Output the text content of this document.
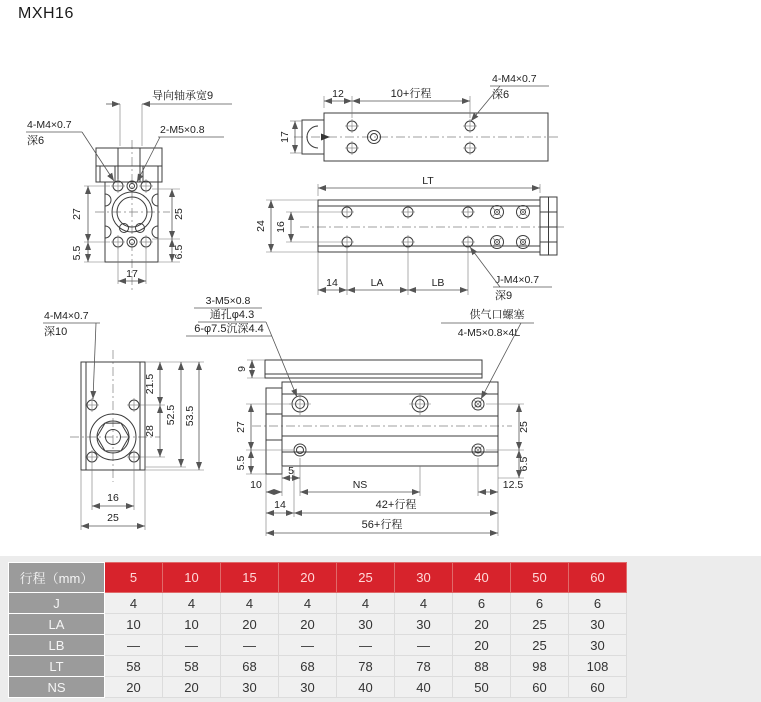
MXH16
导向轴承宽9
4-M4×0.7
深6
2-M5×0.8
27
5.5
25
6.5
17
12	10+行程
4-M4×0.7
深6
17
LT
16
24
14	LA	LB	J-M4×0.7
深9
4-M4×0.7
深10
21.5
28
52.5 53.5
16
25
3-M5×0.8
通孔φ4.3
6-φ7.5沉深4.4
供气口螺塞
4-M5×0.8×4L
9
27
5.5
25
6.5
10
5
NS	12.5
14	42+行程
56+行程
行程（mm）	5	10	15	20	25	30	40	50	60
J	4	4	4	4	4	4	6	6	6
LA	10	10	20	20	30	30	20	25	30
LB	—	—	—	—	—	—	20	25	30
LT	58	58	68	68	78	78	88	98	108
NS	20	20	30	30	40	40	50	60	60
